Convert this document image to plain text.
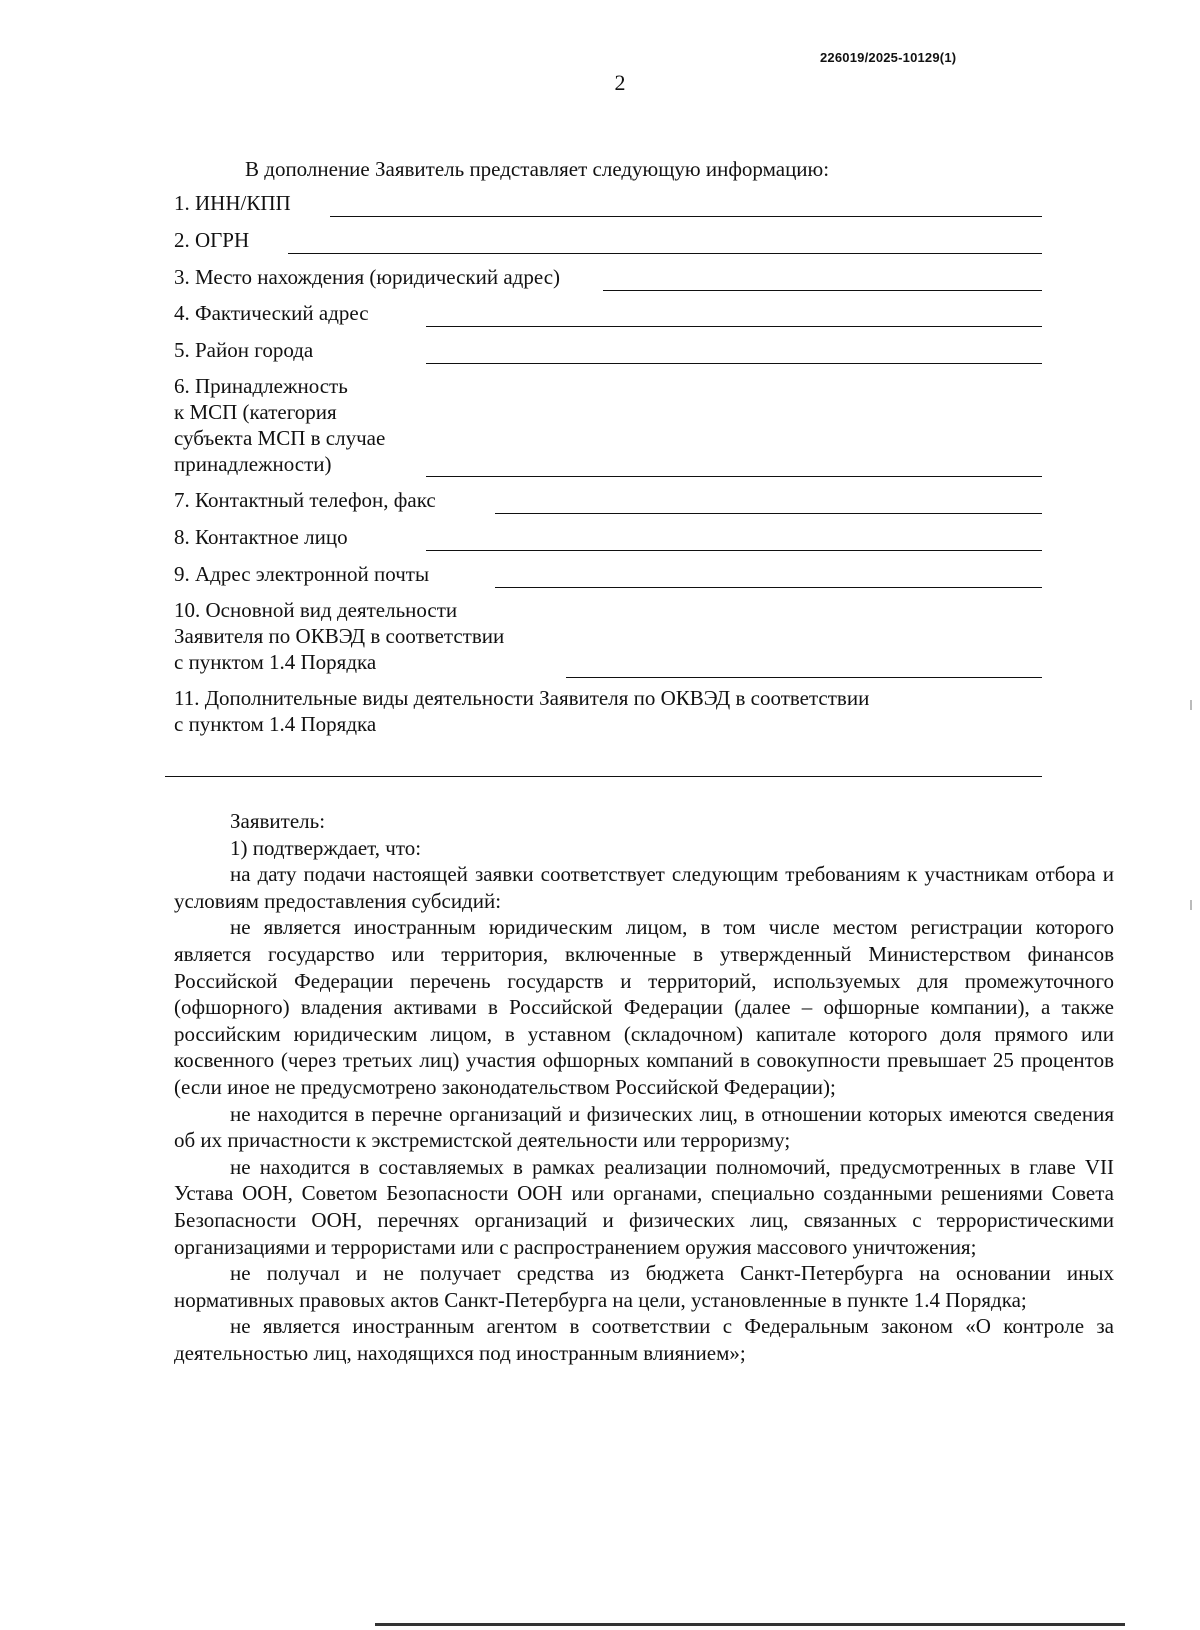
226019/2025-10129(1)
2
В дополнение Заявитель представляет следующую информацию:
1. ИНН/КПП
2. ОГРН
3. Место нахождения (юридический адрес)
4. Фактический адрес
5. Район города
6. Принадлежность
к МСП (категория
субъекта МСП в случае
принадлежности)
7. Контактный телефон, факс
8. Контактное лицо
9. Адрес электронной почты
10. Основной вид деятельности
Заявителя по ОКВЭД в соответствии
с пунктом 1.4 Порядка
11. Дополнительные виды деятельности Заявителя по ОКВЭД в соответствии
с пунктом 1.4 Порядка

Заявитель:

1) подтверждает, что:

на дату подачи настоящей заявки соответствует следующим требованиям к участникам отбора и условиям предоставления субсидий:

не является иностранным юридическим лицом, в том числе местом регистрации которого является государство или территория, включенные в утвержденный Министерством финансов Российской Федерации перечень государств и территорий, используемых для промежуточного (офшорного) владения активами в Российской Федерации (далее – офшорные компании), а также российским юридическим лицом, в уставном (складочном) капитале которого доля прямого или косвенного (через третьих лиц) участия офшорных компаний в совокупности превышает 25 процентов (если иное не предусмотрено законодательством Российской Федерации);

не находится в перечне организаций и физических лиц, в отношении которых имеются сведения об их причастности к экстремистской деятельности или терроризму;

не находится в составляемых в рамках реализации полномочий, предусмотренных в главе VII Устава ООН, Советом Безопасности ООН или органами, специально созданными решениями Совета Безопасности ООН, перечнях организаций и физических лиц, связанных с террористическими организациями и террористами или с распространением оружия массового уничтожения;

не получал и не получает средства из бюджета Санкт-Петербурга на основании иных нормативных правовых актов Санкт-Петербурга на цели, установленные в пункте 1.4 Порядка;

не является иностранным агентом в соответствии с Федеральным законом «О контроле за деятельностью лиц, находящихся под иностранным влиянием»;
